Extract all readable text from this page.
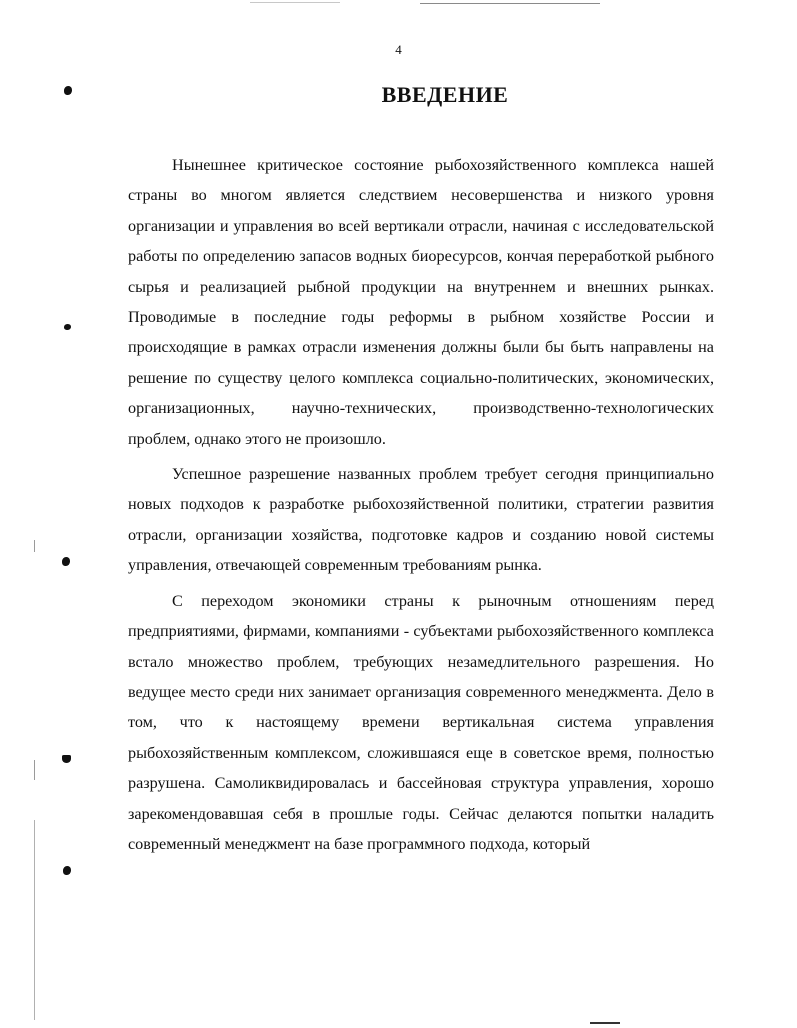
4
ВВЕДЕНИЕ

Нынешнее критическое состояние рыбохозяйственного комплекса нашей страны во многом является следствием несовершенства и низкого уровня организации и управления во всей вертикали отрасли, начиная с исследовательской работы по определению запасов водных биоресурсов, кончая переработкой рыбного сырья и реализацией рыбной продукции на внутреннем и внешних рынках. Проводимые в последние годы реформы в рыбном хозяйстве России и происходящие в рамках отрасли изменения должны были бы быть направлены на решение по существу целого комплекса социально-политических, экономических, организационных, научно-технических, производственно-технологических проблем, однако этого не произошло.

Успешное разрешение названных проблем требует сегодня принципиально новых подходов к разработке рыбохозяйственной политики, стратегии развития отрасли, организации хозяйства, подготовке кадров и созданию новой системы управления, отвечающей современным требованиям рынка.

С переходом экономики страны к рыночным отношениям перед предприятиями, фирмами, компаниями - субъектами рыбохозяйственного комплекса встало множество проблем, требующих незамедлительного разрешения. Но ведущее место среди них занимает организация современного менеджмента. Дело в том, что к настоящему времени вертикальная система управления рыбохозяйственным комплексом, сложившаяся еще в советское время, полностью разрушена. Самоликвидировалась и бассейновая структура управления, хорошо зарекомендовавшая себя в прошлые годы. Сейчас делаются попытки наладить современный менеджмент на базе программного подхода, который
